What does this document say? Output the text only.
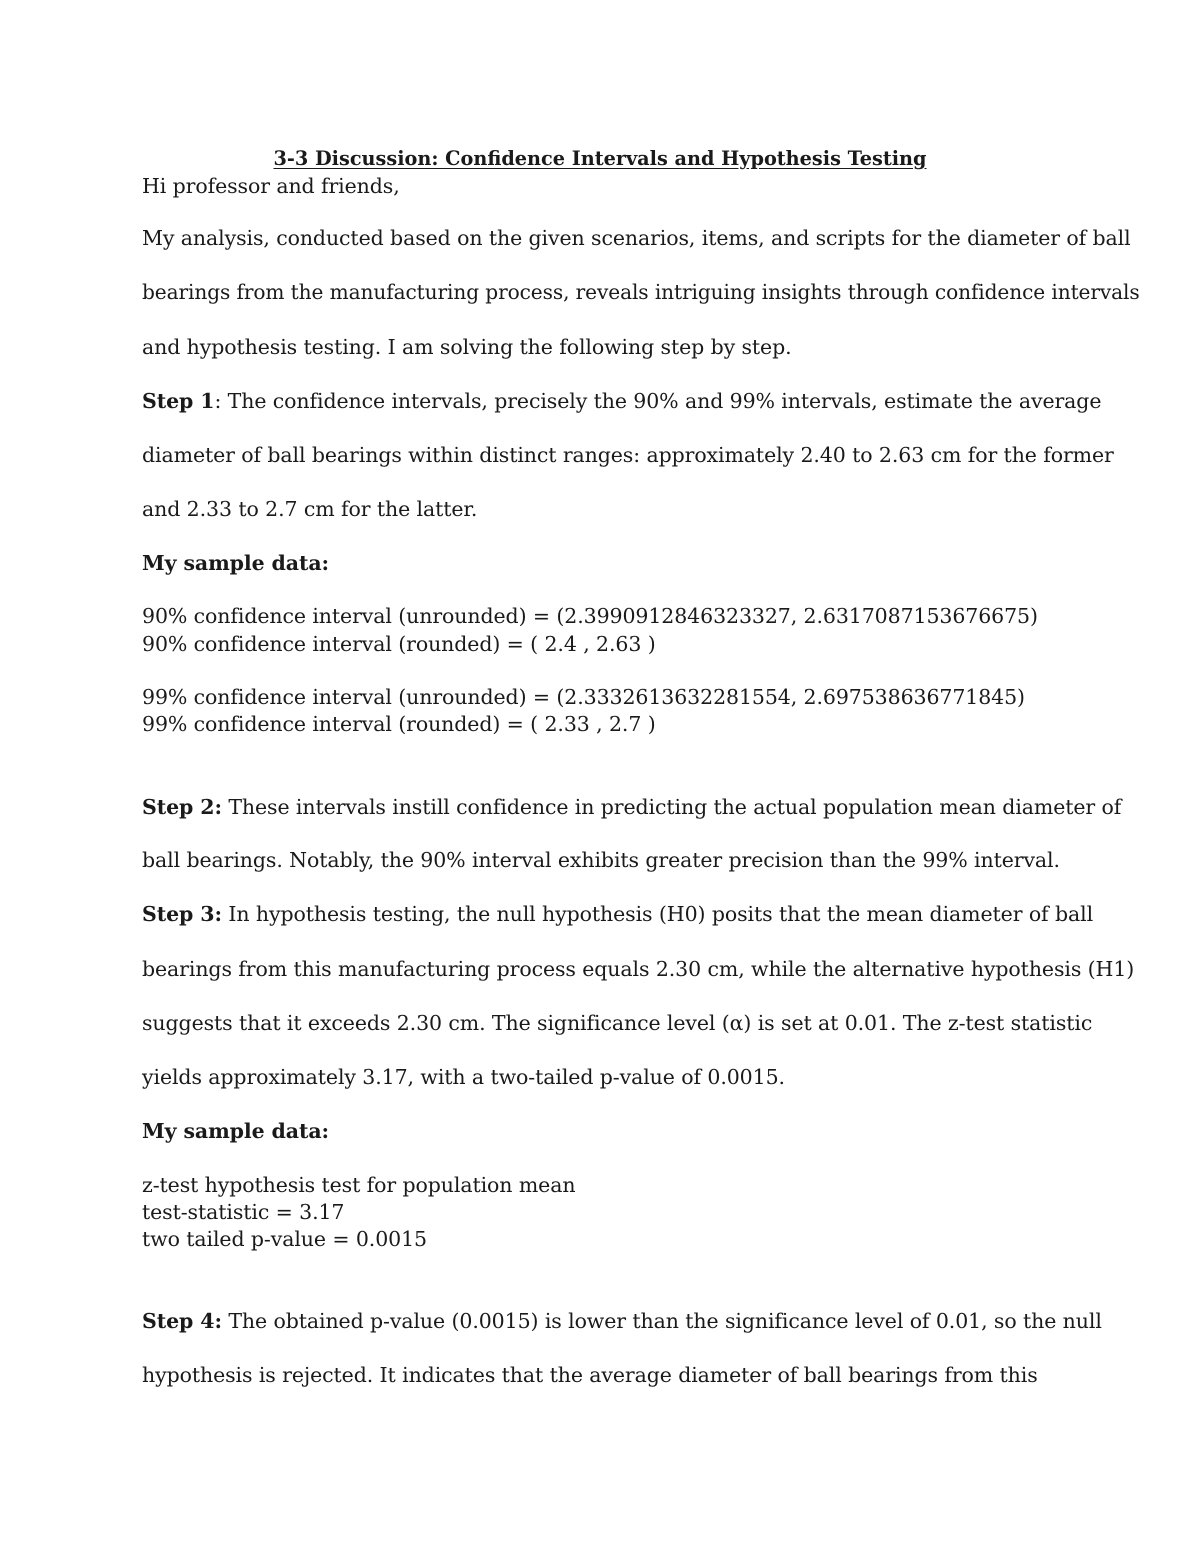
3-3 Discussion: Confidence Intervals and Hypothesis Testing
Hi professor and friends,
My analysis, conducted based on the given scenarios, items, and scripts for the diameter of ball
bearings from the manufacturing process, reveals intriguing insights through confidence intervals
and hypothesis testing. I am solving the following step by step.
Step 1: The confidence intervals, precisely the 90% and 99% intervals, estimate the average
diameter of ball bearings within distinct ranges: approximately 2.40 to 2.63 cm for the former
and 2.33 to 2.7 cm for the latter.
My sample data:
90% confidence interval (unrounded) = (2.3990912846323327, 2.6317087153676675)
90% confidence interval (rounded) = ( 2.4 , 2.63 )
99% confidence interval (unrounded) = (2.3332613632281554, 2.697538636771845)
99% confidence interval (rounded) = ( 2.33 , 2.7 )
Step 2: These intervals instill confidence in predicting the actual population mean diameter of
ball bearings. Notably, the 90% interval exhibits greater precision than the 99% interval.
Step 3: In hypothesis testing, the null hypothesis (H0) posits that the mean diameter of ball
bearings from this manufacturing process equals 2.30 cm, while the alternative hypothesis (H1)
suggests that it exceeds 2.30 cm. The significance level (α) is set at 0.01. The z-test statistic
yields approximately 3.17, with a two-tailed p-value of 0.0015.
My sample data:
z-test hypothesis test for population mean
test-statistic = 3.17
two tailed p-value = 0.0015
Step 4: The obtained p-value (0.0015) is lower than the significance level of 0.01, so the null
hypothesis is rejected. It indicates that the average diameter of ball bearings from this
